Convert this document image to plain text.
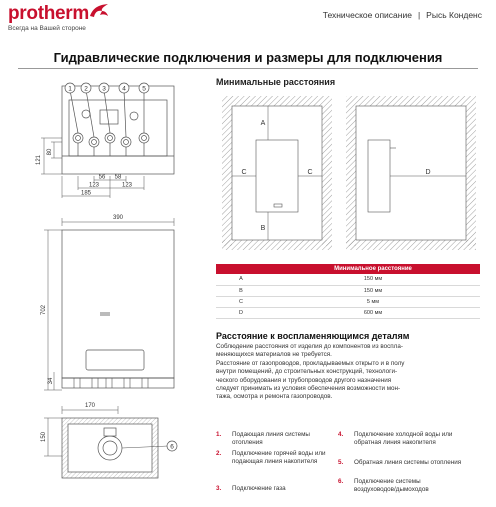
protherm
Всегда на Вашей стороне
Техническое описание | Рысь Конденс
Гидравлические подключения и размеры для подключения
1 2 3	4	5
121
80
56 58
123	123
185
390
702
34
6
170
150
Минимальные расстояния
A
B
C	C	D
	Минимальное расстояние
A	150 мм
B	150 мм
C	5 мм
D	600 мм
Расстояние к воспламеняющимся деталям

Соблюдение расстояния от изделия до компонентов из воспла-

меняющихся материалов не требуется.

Расстояние от газопроводов, прокладываемых открыто и в полу

внутри помещений, до строительных конструкций, технологи-

ческого оборудования и трубопроводов другого назначения

следует принимать из условия обеспечения возможности мон-

тажа, осмотра и ремонта газопроводов.

1. Подающая линия системы отопления
2. Подключение горячей воды или подающая линия накопителя
3. Подключение газа
4. Подключение холодной воды или обратная линия накопителя
5. Обратная линия системы отопления
6. Подключение системы воздуховодов/дымоходов
